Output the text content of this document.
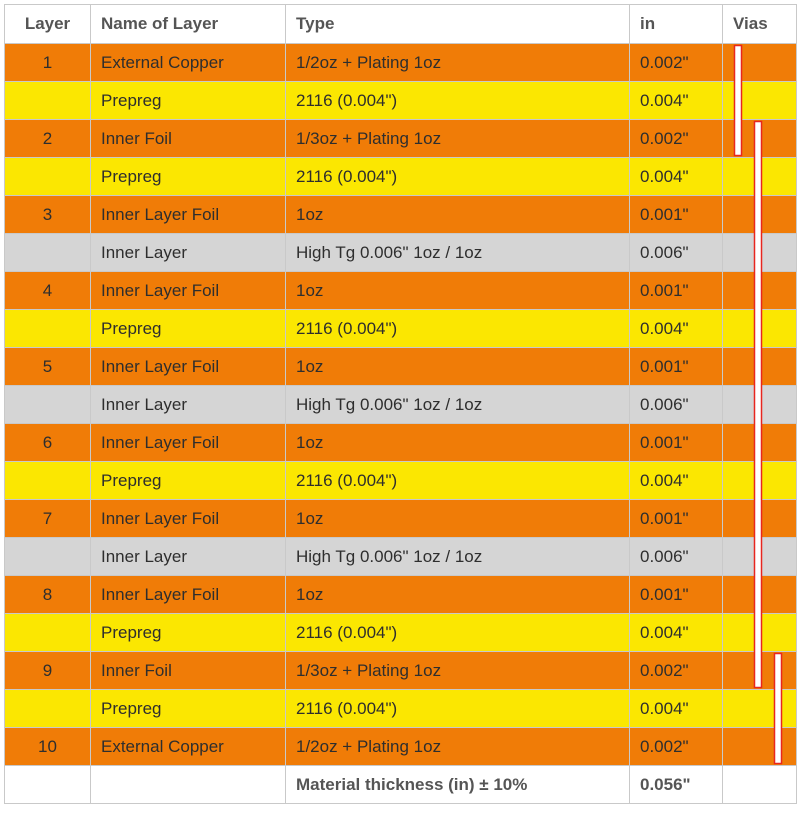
Layer	Name of Layer	Type	in	Vias
1	External Copper	1/2oz + Plating 1oz	0.002"	
	Prepreg	2116 (0.004")	0.004"	
2	Inner Foil	1/3oz + Plating 1oz	0.002"	
	Prepreg	2116 (0.004")	0.004"	
3	Inner Layer Foil	1oz	0.001"	
	Inner Layer	High Tg 0.006" 1oz / 1oz	0.006"	
4	Inner Layer Foil	1oz	0.001"	
	Prepreg	2116 (0.004")	0.004"	
5	Inner Layer Foil	1oz	0.001"	
	Inner Layer	High Tg 0.006" 1oz / 1oz	0.006"	
6	Inner Layer Foil	1oz	0.001"	
	Prepreg	2116 (0.004")	0.004"	
7	Inner Layer Foil	1oz	0.001"	
	Inner Layer	High Tg 0.006" 1oz / 1oz	0.006"	
8	Inner Layer Foil	1oz	0.001"	
	Prepreg	2116 (0.004")	0.004"	
9	Inner Foil	1/3oz + Plating 1oz	0.002"	
	Prepreg	2116 (0.004")	0.004"	
10	External Copper	1/2oz + Plating 1oz	0.002"	
		Material thickness (in) ± 10%	0.056"	
